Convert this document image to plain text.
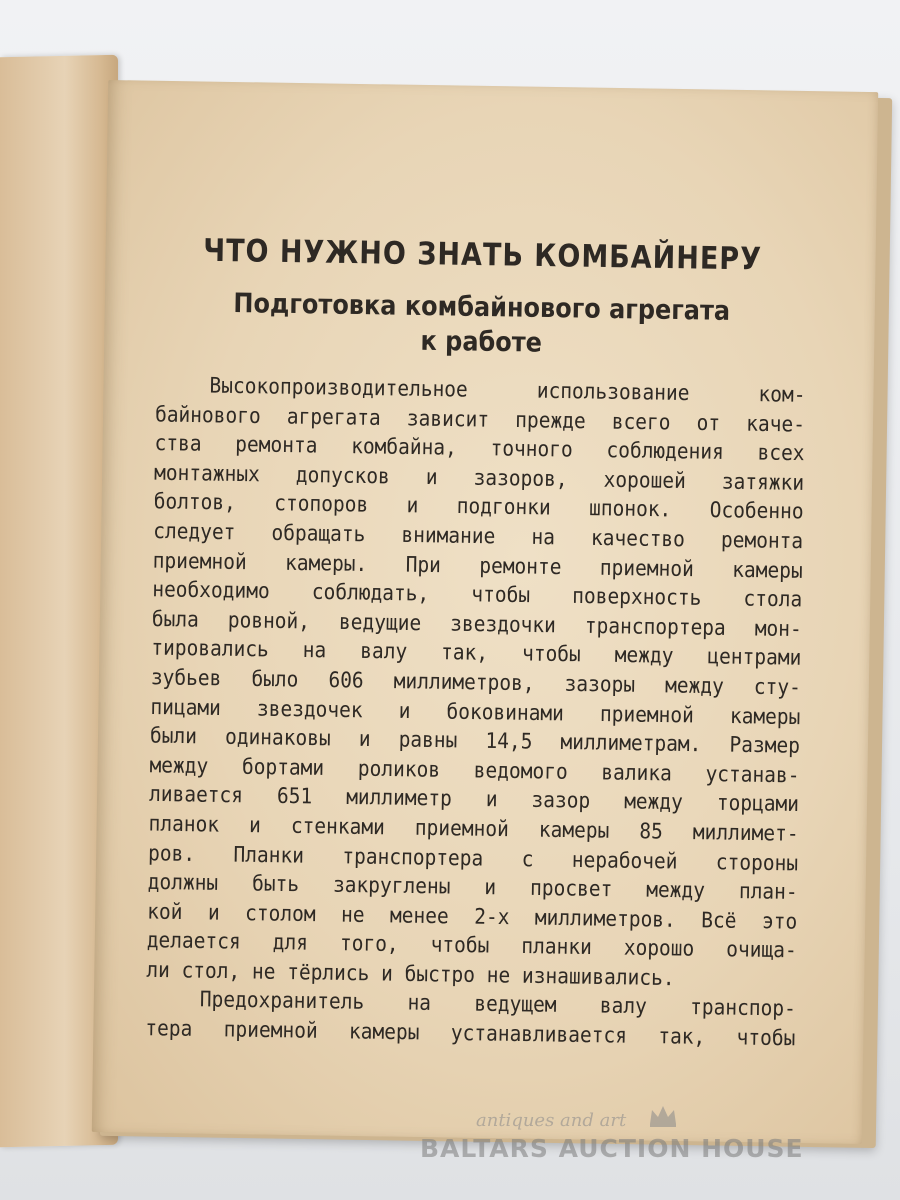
ЧТО НУЖНО ЗНАТЬ КОМБАЙНЕРУ
Подготовка комбайнового агрегата
к работе
Высокопроизводительное использование ком-
байнового агрегата зависит прежде всего от каче-
ства ремонта комбайна, точного соблюдения всех
монтажных допусков и зазоров, хорошей затяжки
болтов, стопоров и подгонки шпонок. Особенно
следует обращать внимание на качество ремонта
приемной камеры. При ремонте приемной камеры
необходимо соблюдать, чтобы поверхность стола
была ровной, ведущие звездочки транспортера мон-
тировались на валу так, чтобы между центрами
зубьев было 606 миллиметров, зазоры между сту-
пицами звездочек и боковинами приемной камеры
были одинаковы и равны 14,5 миллиметрам. Размер
между бортами роликов ведомого валика устанав-
ливается 651 миллиметр и зазор между торцами
планок и стенками приемной камеры 85 миллимет-
ров. Планки транспортера с нерабочей стороны
должны быть закруглены и просвет между план-
кой и столом не менее 2-х миллиметров. Всё это
делается для того, чтобы планки хорошо очища-
ли стол, не тёрлись и быстро не изнашивались.
Предохранитель на ведущем валу транспор-
тера приемной камеры устанавливается так, чтобы
antiques and art
BALTARS AUCTION HOUSE
